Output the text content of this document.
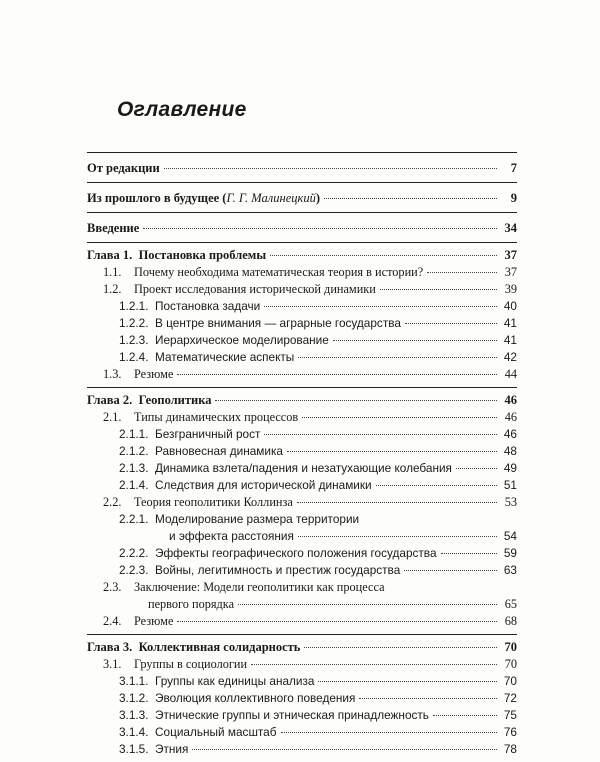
Оглавление
От редакции	7
Из прошлого в будущее (Г. Г. Малинецкий)	9
Введение	34
Глава 1. Постановка проблемы	37
1.1.	Почему необходима математическая теория в истории?	37
1.2.	Проект исследования исторической динамики	39
1.2.1. Постановка задачи	40
1.2.2. В центре внимания — аграрные государства	41
1.2.3. Иерархическое моделирование	41
1.2.4. Математические аспекты	42
1.3.	Резюме	44
Глава 2. Геополитика	46
2.1.	Типы динамических процессов	46
2.1.1. Безграничный рост	46
2.1.2. Равновесная динамика	48
2.1.3. Динамика взлета/падения и незатухающие колебания	49
2.1.4. Следствия для исторической динамики	51
2.2.	Теория геополитики Коллинза	53
2.2.1. Моделирование размера территории
и эффекта расстояния	54
2.2.2. Эффекты географического положения государства	59
2.2.3. Войны, легитимность и престиж государства	63
2.3.	Заключение: Модели геополитики как процесса
первого порядка	65
2.4.	Резюме	68
Глава 3. Коллективная солидарность	70
3.1.	Группы в социологии	70
3.1.1. Группы как единицы анализа	70
3.1.2. Эволюция коллективного поведения	72
3.1.3. Этнические группы и этническая принадлежность	75
3.1.4. Социальный масштаб	76
3.1.5. Этния	78
